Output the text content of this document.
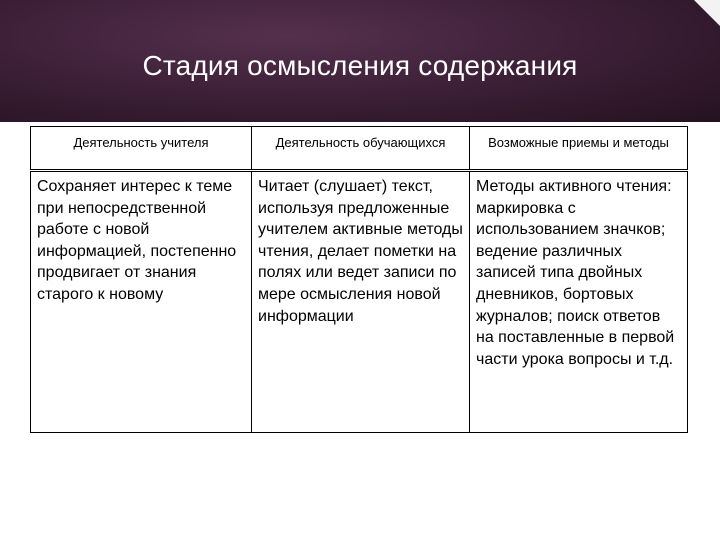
Стадия осмысления содержания
Деятельность учителя	Деятельность обучающихся	Возможные приемы и методы
Сохраняет интерес к теме при непосредственной работе с новой информацией, постепенно продвигает от знания старого к новому	Читает (слушает) текст, используя предложенные учителем активные методы чтения, делает пометки на полях или ведет записи по мере осмысления новой информации	Методы активного чтения: маркировка с использованием значков; ведение различных записей типа двойных дневников, бортовых журналов; поиск ответов на поставленные в первой части урока вопросы и т.д.
